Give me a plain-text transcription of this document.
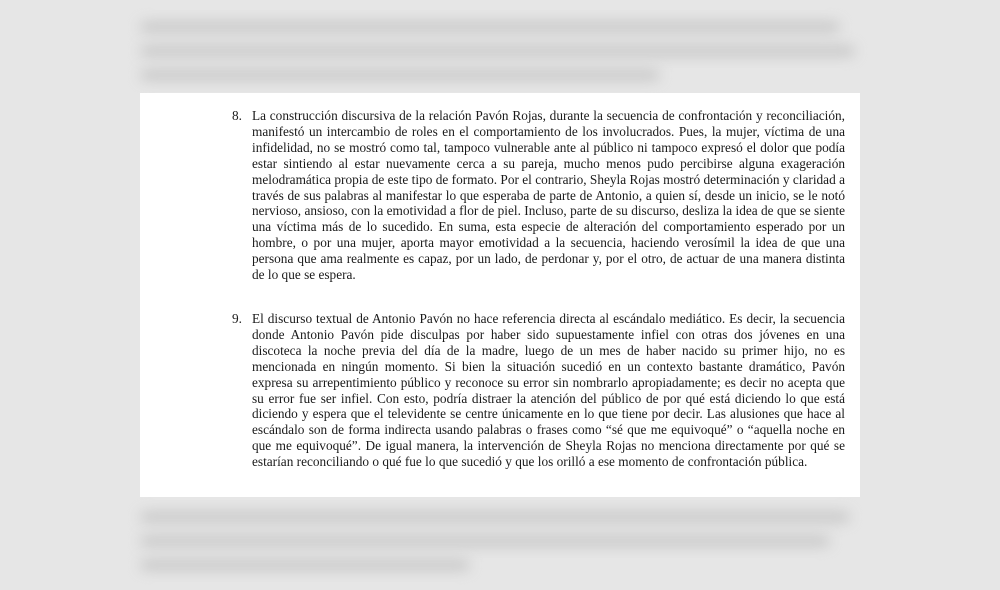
8. La construcción discursiva de la relación Pavón Rojas, durante la secuencia de confrontación y reconciliación, manifestó un intercambio de roles en el comportamiento de los involucrados. Pues, la mujer, víctima de una infidelidad, no se mostró como tal, tampoco vulnerable ante al público ni tampoco expresó el dolor que podía estar sintiendo al estar nuevamente cerca a su pareja, mucho menos pudo percibirse alguna exageración melodramática propia de este tipo de formato. Por el contrario, Sheyla Rojas mostró determinación y claridad a través de sus palabras al manifestar lo que esperaba de parte de Antonio, a quien sí, desde un inicio, se le notó nervioso, ansioso, con la emotividad a flor de piel. Incluso, parte de su discurso, desliza la idea de que se siente una víctima más de lo sucedido. En suma, esta especie de alteración del comportamiento esperado por un hombre, o por una mujer, aporta mayor emotividad a la secuencia, haciendo verosímil la idea de que una persona que ama realmente es capaz, por un lado, de perdonar y, por el otro, de actuar de una manera distinta de lo que se espera.

9. El discurso textual de Antonio Pavón no hace referencia directa al escándalo mediático. Es decir, la secuencia donde Antonio Pavón pide disculpas por haber sido supuestamente infiel con otras dos jóvenes en una discoteca la noche previa del día de la madre, luego de un mes de haber nacido su primer hijo, no es mencionada en ningún momento. Si bien la situación sucedió en un contexto bastante dramático, Pavón expresa su arrepentimiento público y reconoce su error sin nombrarlo apropiadamente; es decir no acepta que su error fue ser infiel. Con esto, podría distraer la atención del público de por qué está diciendo lo que está diciendo y espera que el televidente se centre únicamente en lo que tiene por decir. Las alusiones que hace al escándalo son de forma indirecta usando palabras o frases como “sé que me equivoqué” o “aquella noche en que me equivoqué”. De igual manera, la intervención de Sheyla Rojas no menciona directamente por qué se estarían reconciliando o qué fue lo que sucedió y que los orilló a ese momento de confrontación pública.
